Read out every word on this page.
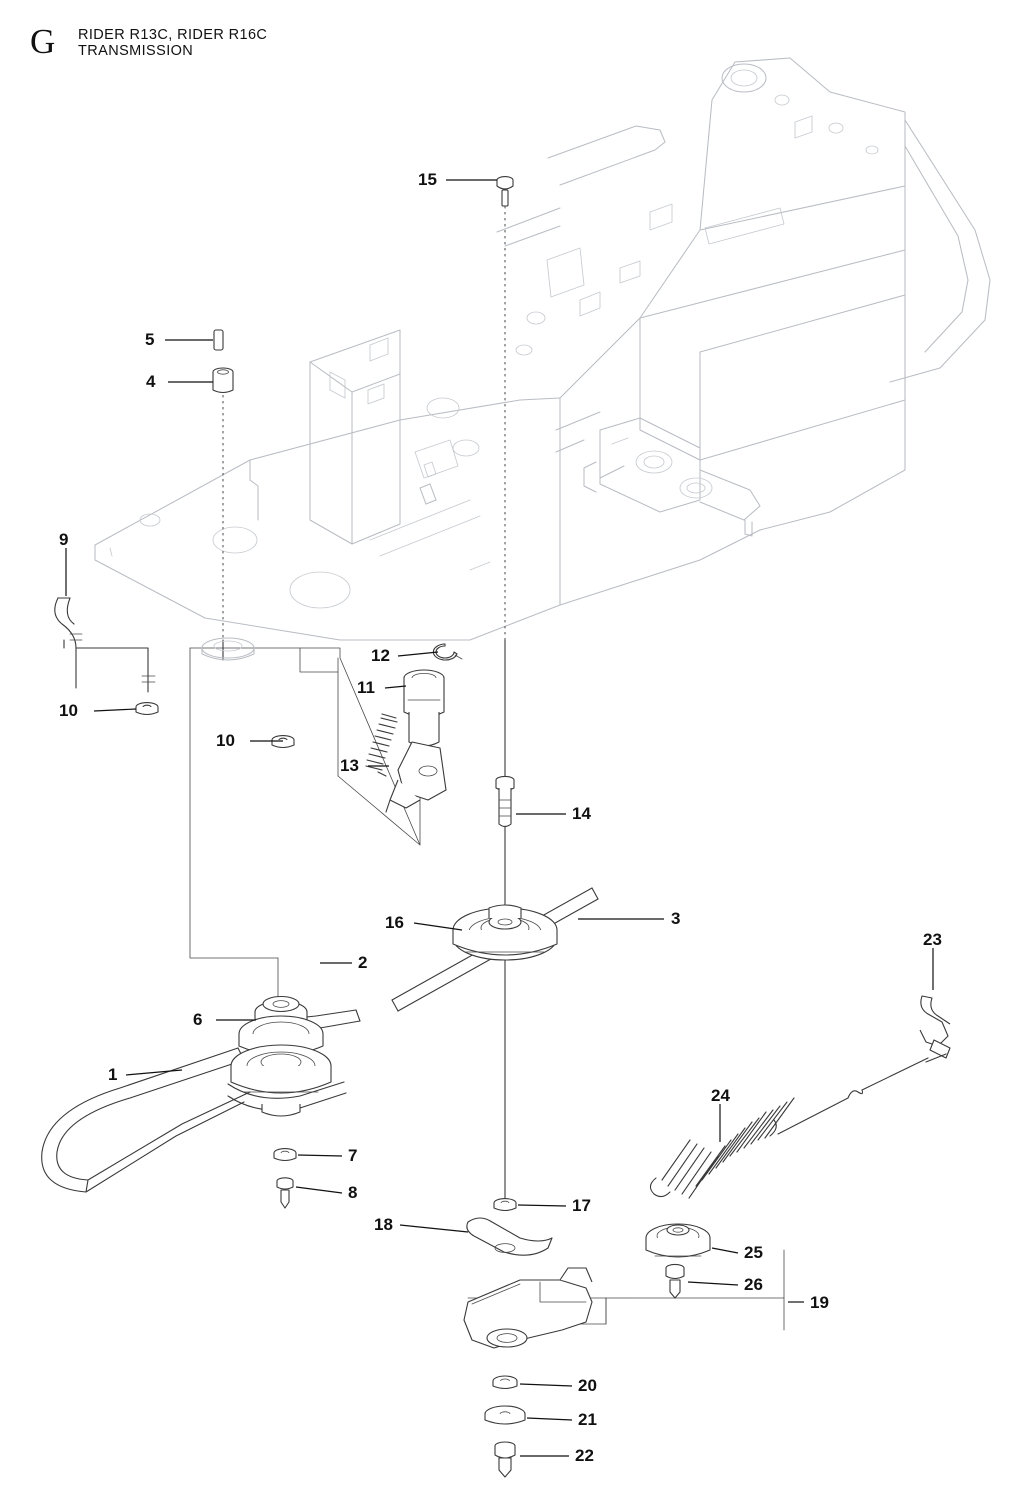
G RIDER R13C, RIDER R16C
TRANSMISSION
15
5
4
9
10
10
12
11
13
14
16	3
2
6
1
7
8
17
18
23
24
25
26
19
20
21
22
